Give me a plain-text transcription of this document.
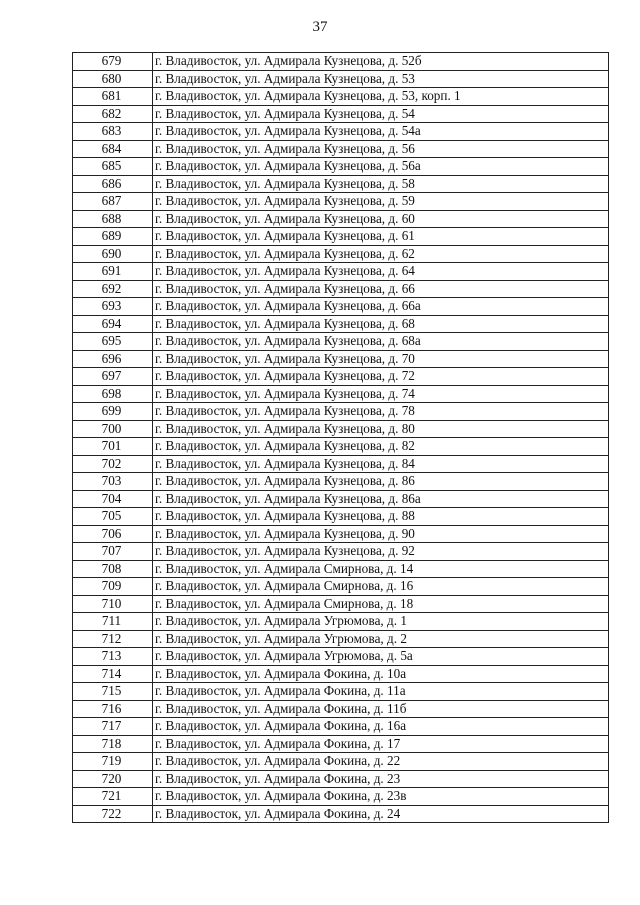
37
679	г. Владивосток, ул. Адмирала Кузнецова, д. 52б
680	г. Владивосток, ул. Адмирала Кузнецова, д. 53
681	г. Владивосток, ул. Адмирала Кузнецова, д. 53, корп. 1
682	г. Владивосток, ул. Адмирала Кузнецова, д. 54
683	г. Владивосток, ул. Адмирала Кузнецова, д. 54а
684	г. Владивосток, ул. Адмирала Кузнецова, д. 56
685	г. Владивосток, ул. Адмирала Кузнецова, д. 56а
686	г. Владивосток, ул. Адмирала Кузнецова, д. 58
687	г. Владивосток, ул. Адмирала Кузнецова, д. 59
688	г. Владивосток, ул. Адмирала Кузнецова, д. 60
689	г. Владивосток, ул. Адмирала Кузнецова, д. 61
690	г. Владивосток, ул. Адмирала Кузнецова, д. 62
691	г. Владивосток, ул. Адмирала Кузнецова, д. 64
692	г. Владивосток, ул. Адмирала Кузнецова, д. 66
693	г. Владивосток, ул. Адмирала Кузнецова, д. 66а
694	г. Владивосток, ул. Адмирала Кузнецова, д. 68
695	г. Владивосток, ул. Адмирала Кузнецова, д. 68а
696	г. Владивосток, ул. Адмирала Кузнецова, д. 70
697	г. Владивосток, ул. Адмирала Кузнецова, д. 72
698	г. Владивосток, ул. Адмирала Кузнецова, д. 74
699	г. Владивосток, ул. Адмирала Кузнецова, д. 78
700	г. Владивосток, ул. Адмирала Кузнецова, д. 80
701	г. Владивосток, ул. Адмирала Кузнецова, д. 82
702	г. Владивосток, ул. Адмирала Кузнецова, д. 84
703	г. Владивосток, ул. Адмирала Кузнецова, д. 86
704	г. Владивосток, ул. Адмирала Кузнецова, д. 86а
705	г. Владивосток, ул. Адмирала Кузнецова, д. 88
706	г. Владивосток, ул. Адмирала Кузнецова, д. 90
707	г. Владивосток, ул. Адмирала Кузнецова, д. 92
708	г. Владивосток, ул. Адмирала Смирнова, д. 14
709	г. Владивосток, ул. Адмирала Смирнова, д. 16
710	г. Владивосток, ул. Адмирала Смирнова, д. 18
711	г. Владивосток, ул. Адмирала Угрюмова, д. 1
712	г. Владивосток, ул. Адмирала Угрюмова, д. 2
713	г. Владивосток, ул. Адмирала Угрюмова, д. 5а
714	г. Владивосток, ул. Адмирала Фокина, д. 10а
715	г. Владивосток, ул. Адмирала Фокина, д. 11а
716	г. Владивосток, ул. Адмирала Фокина, д. 11б
717	г. Владивосток, ул. Адмирала Фокина, д. 16а
718	г. Владивосток, ул. Адмирала Фокина, д. 17
719	г. Владивосток, ул. Адмирала Фокина, д. 22
720	г. Владивосток, ул. Адмирала Фокина, д. 23
721	г. Владивосток, ул. Адмирала Фокина, д. 23в
722	г. Владивосток, ул. Адмирала Фокина, д. 24
